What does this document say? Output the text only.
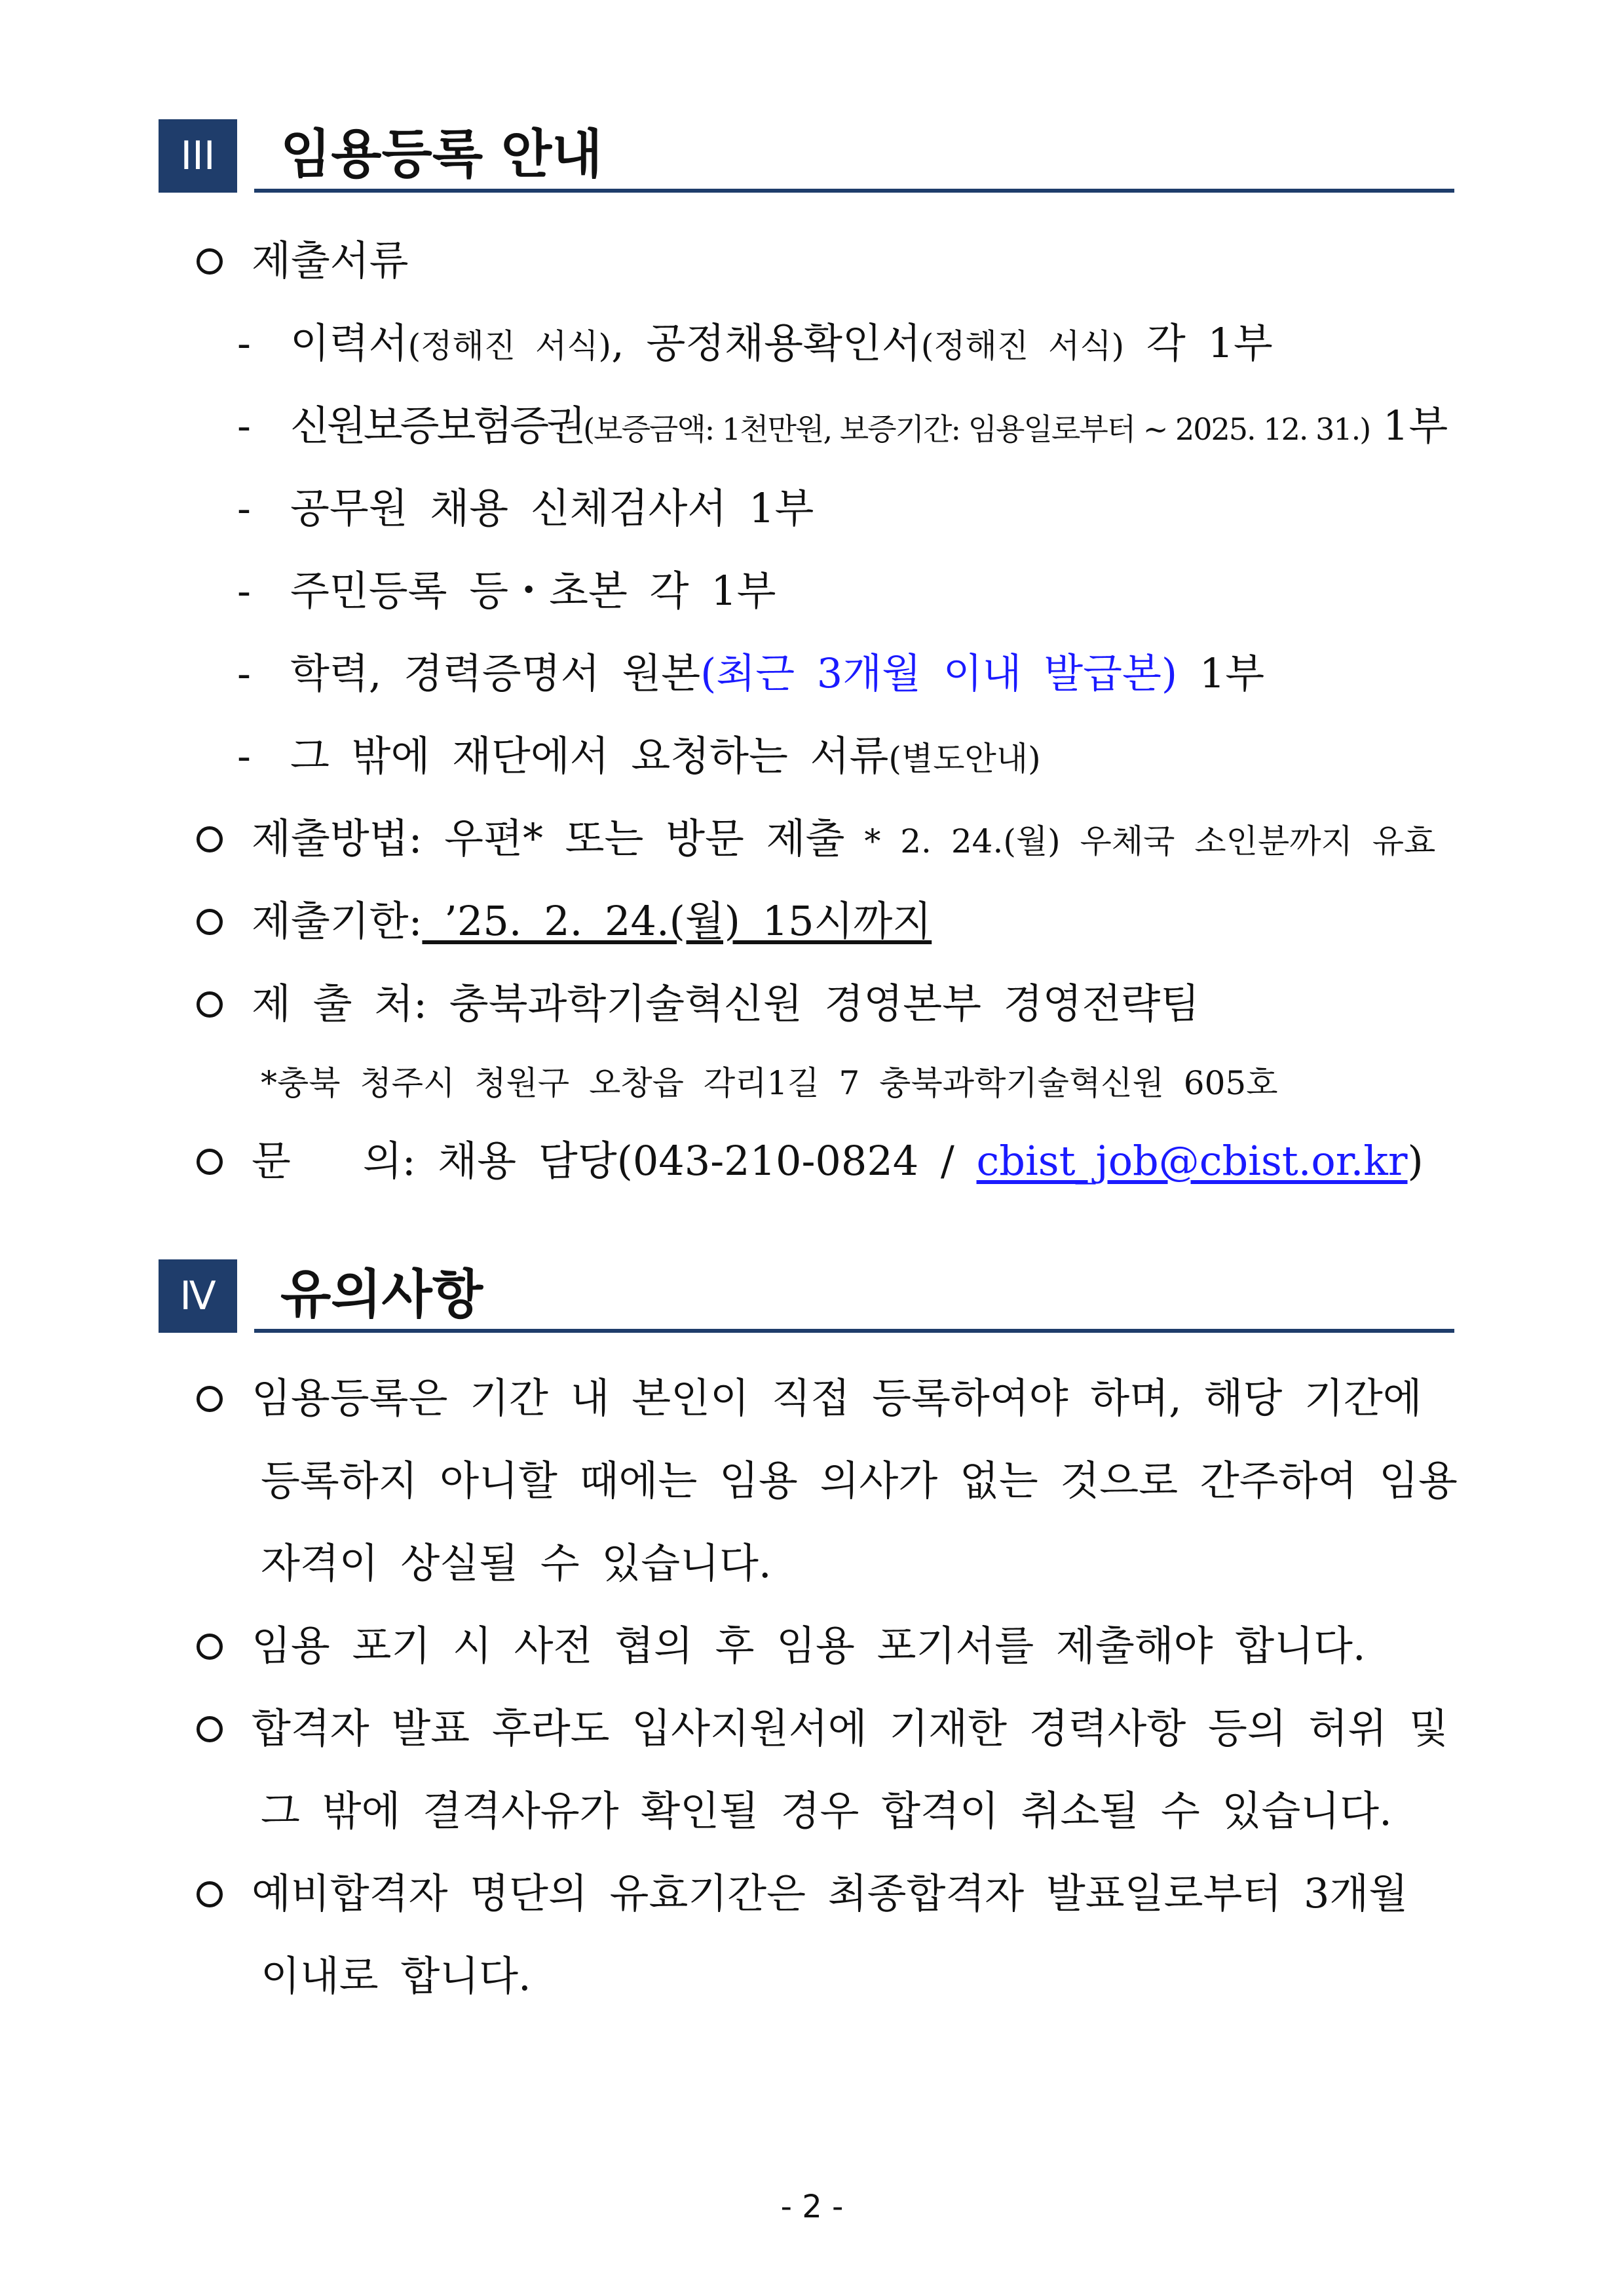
III	임용등록 안내
제출서류
- 이력서(정해진 서식), 공정채용확인서(정해진 서식) 각 1부
- 신원보증보험증권(보증금액: 1천만원, 보증기간: 임용일로부터 ~ 2025. 12. 31.) 1부
- 공무원 채용 신체검사서 1부
- 주민등록 등・초본 각 1부
- 학력, 경력증명서 원본(최근 3개월 이내 발급본) 1부
- 그 밖에 재단에서 요청하는 서류(별도안내)
제출방법: 우편* 또는 방문 제출 * 2. 24.(월) 우체국 소인분까지 유효
제출기한: ’25. 2. 24.(월) 15시까지
제 출 처: 충북과학기술혁신원 경영본부 경영전략팀
*충북 청주시 청원구 오창읍 각리1길 7 충북과학기술혁신원 605호
문 의: 채용 담당(043-210-0824 / cbist_job@cbist.or.kr)
Ⅳ	유의사항
임용등록은 기간 내 본인이 직접 등록하여야 하며, 해당 기간에
등록하지 아니할 때에는 임용 의사가 없는 것으로 간주하여 임용
자격이 상실될 수 있습니다.
임용 포기 시 사전 협의 후 임용 포기서를 제출해야 합니다.
합격자 발표 후라도 입사지원서에 기재한 경력사항 등의 허위 및
그 밖에 결격사유가 확인될 경우 합격이 취소될 수 있습니다.
예비합격자 명단의 유효기간은 최종합격자 발표일로부터 3개월
이내로 합니다.
- 2 -
